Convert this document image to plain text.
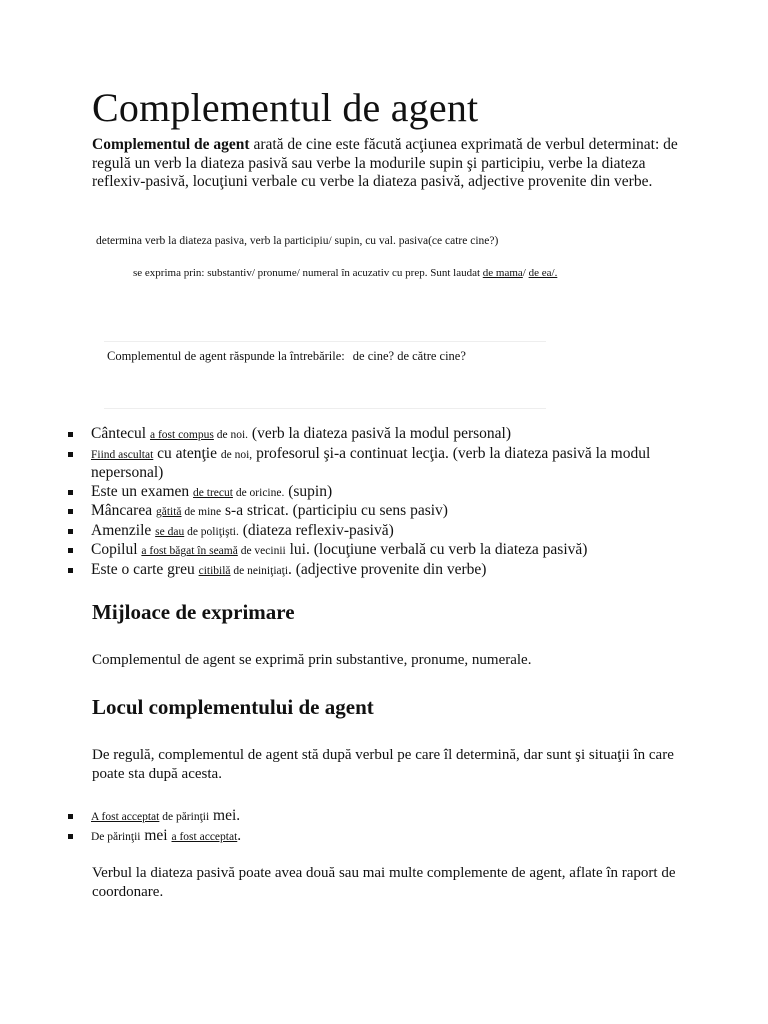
Complementul de agent

Complementul de agent arată de cine este făcută acţiunea exprimată de verbul determinat: de regulă un verb la diateza pasivă sau verbe la modurile supin şi participiu, verbe la diateza reflexiv-pasivă, locuţiuni verbale cu verbe la diateza pasivă, adjective provenite din verbe.

determina verb la diateza pasiva, verb la participiu/ supin, cu val. pasiva(ce catre cine?)
se exprima prin: substantiv/ pronume/ numeral în acuzativ cu prep. Sunt laudat de mama/ de ea/.
Complementul de agent răspunde la întrebările: de cine? de către cine?
Cântecul a fost compus de noi. (verb la diateza pasivă la modul personal)
Fiind ascultat cu atenţie de noi, profesorul şi-a continuat lecţia. (verb la diateza pasivă la modul nepersonal)
Este un examen de trecut de oricine. (supin)
Mâncarea gătită de mine s-a stricat. (participiu cu sens pasiv)
Amenzile se dau de poliţişti. (diateza reflexiv-pasivă)
Copilul a fost băgat în seamă de vecinii lui. (locuţiune verbală cu verb la diateza pasivă)
Este o carte greu citibilă de neiniţiaţi. (adjective provenite din verbe)
Mijloace de exprimare

Complementul de agent se exprimă prin substantive, pronume, numerale.

Locul complementului de agent

De regulă, complementul de agent stă după verbul pe care îl determină, dar sunt şi situaţii în care poate sta după acesta.

A fost acceptat de părinţii mei.
De părinţii mei a fost acceptat.

Verbul la diateza pasivă poate avea două sau mai multe complemente de agent, aflate în raport de coordonare.
